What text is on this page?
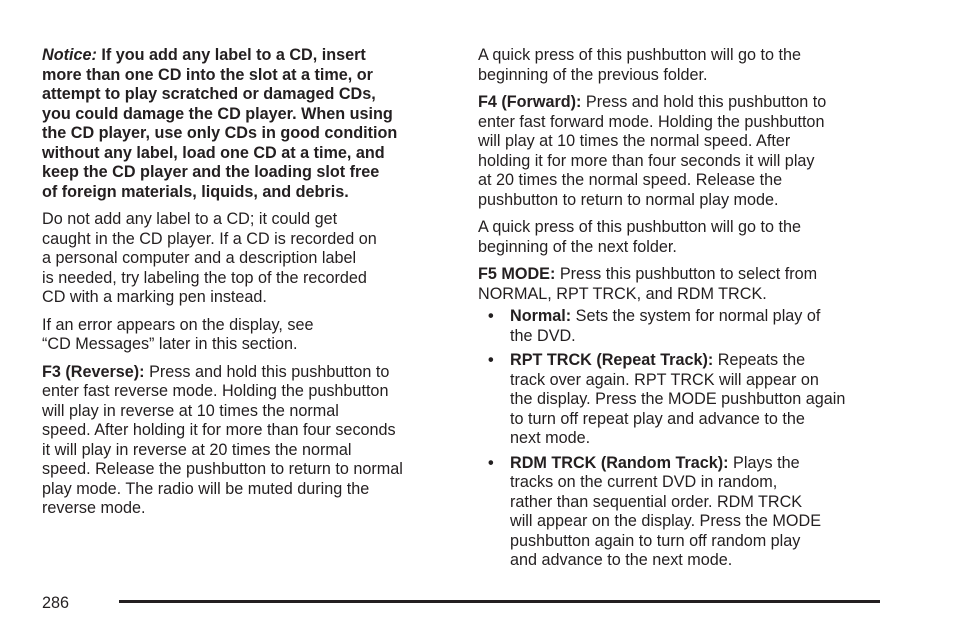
Notice: If you add any label to a CD, insert
more than one CD into the slot at a time, or
attempt to play scratched or damaged CDs,
you could damage the CD player. When using
the CD player, use only CDs in good condition
without any label, load one CD at a time, and
keep the CD player and the loading slot free
of foreign materials, liquids, and debris.

Do not add any label to a CD; it could get
caught in the CD player. If a CD is recorded on
a personal computer and a description label
is needed, try labeling the top of the recorded
CD with a marking pen instead.

If an error appears on the display, see
“CD Messages” later in this section.

F3 (Reverse): Press and hold this pushbutton to
enter fast reverse mode. Holding the pushbutton
will play in reverse at 10 times the normal
speed. After holding it for more than four seconds
it will play in reverse at 20 times the normal
speed. Release the pushbutton to return to normal
play mode. The radio will be muted during the
reverse mode.

A quick press of this pushbutton will go to the
beginning of the previous folder.

F4 (Forward): Press and hold this pushbutton to
enter fast forward mode. Holding the pushbutton
will play at 10 times the normal speed. After
holding it for more than four seconds it will play
at 20 times the normal speed. Release the
pushbutton to return to normal play mode.

A quick press of this pushbutton will go to the
beginning of the next folder.

F5 MODE: Press this pushbutton to select from
NORMAL, RPT TRCK, and RDM TRCK.

• Normal: Sets the system for normal play of
the DVD.
• RPT TRCK (Repeat Track): Repeats the
track over again. RPT TRCK will appear on
the display. Press the MODE pushbutton again
to turn off repeat play and advance to the
next mode.
• RDM TRCK (Random Track): Plays the
tracks on the current DVD in random,
rather than sequential order. RDM TRCK
will appear on the display. Press the MODE
pushbutton again to turn off random play
and advance to the next mode.
286
